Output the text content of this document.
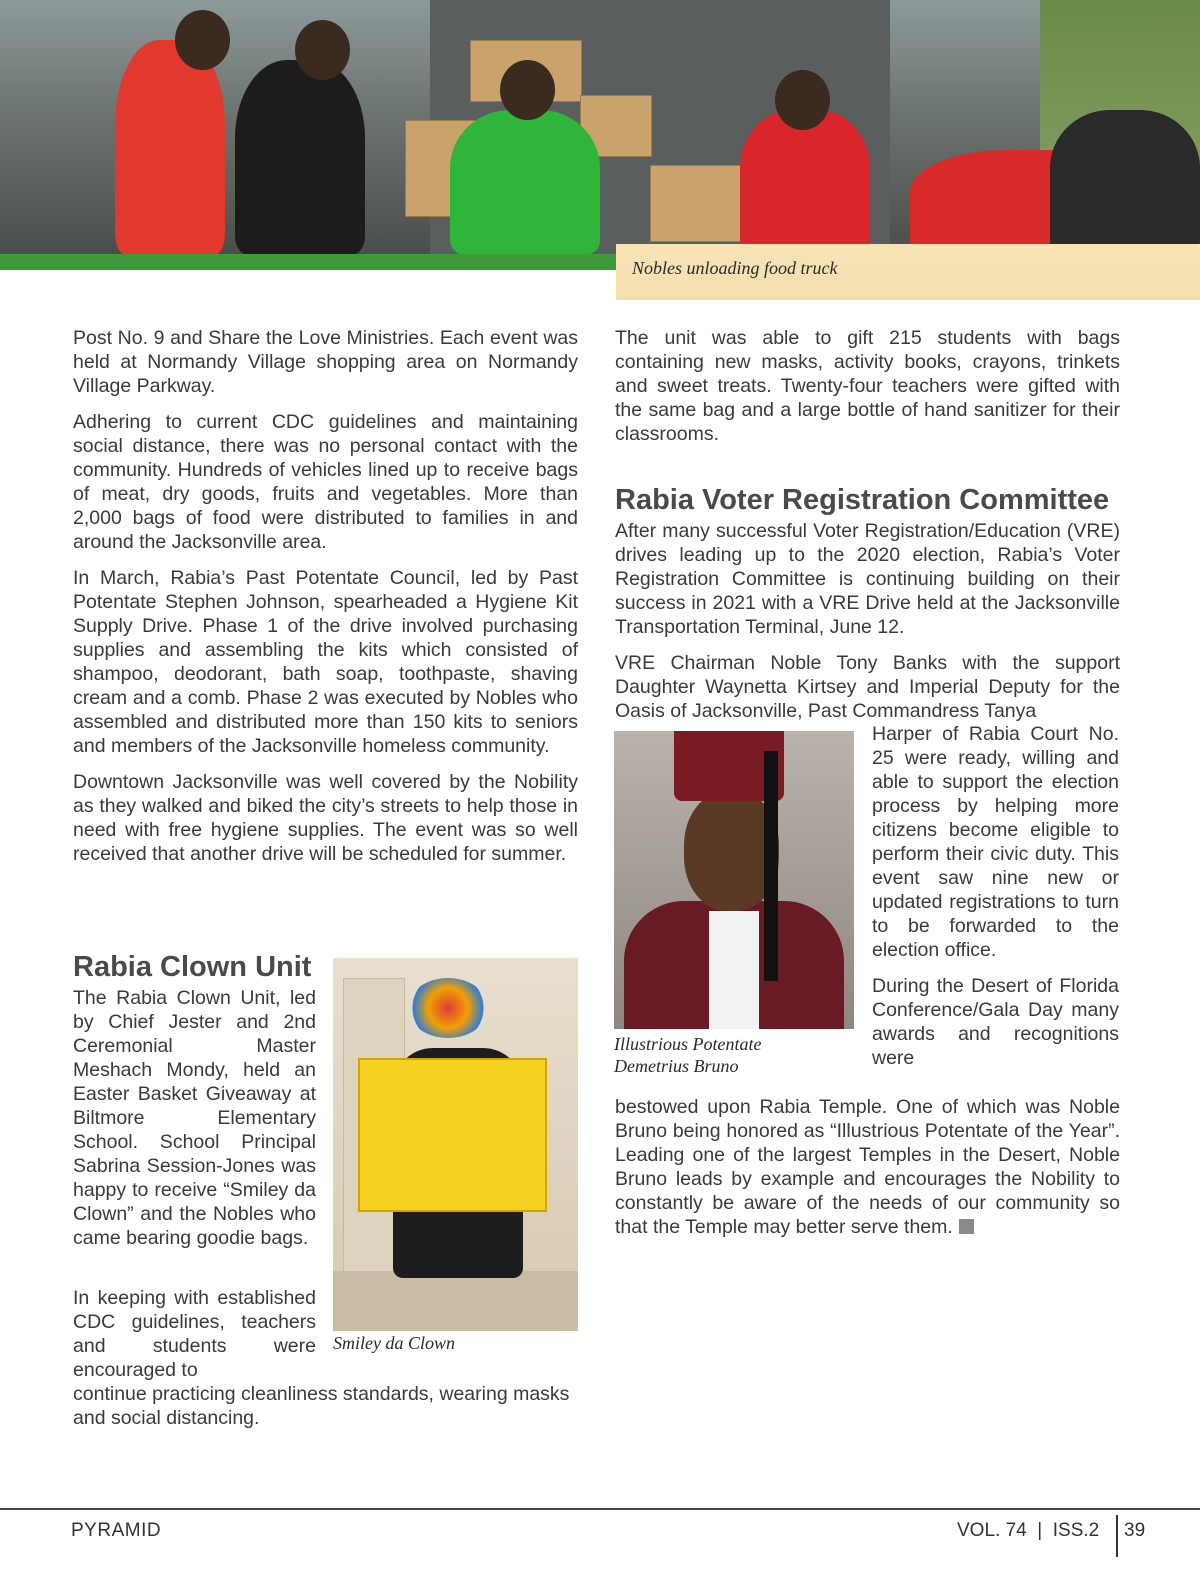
Nobles unloading food truck

Post No. 9 and Share the Love Ministries. Each event was held at Normandy Village shopping area on Normandy Village Parkway.

Adhering to current CDC guidelines and maintaining social distance, there was no personal contact with the community. Hundreds of vehicles lined up to receive bags of meat, dry goods, fruits and vegetables. More than 2,000 bags of food were distributed to families in and around the Jacksonville area.

In March, Rabia’s Past Potentate Council, led by Past Potentate Stephen Johnson, spearheaded a Hygiene Kit Supply Drive. Phase 1 of the drive involved purchasing supplies and assembling the kits which consisted of shampoo, deodorant, bath soap, toothpaste, shaving cream and a comb. Phase 2 was executed by Nobles who assembled and distributed more than 150 kits to seniors and members of the Jacksonville homeless community.

Downtown Jacksonville was well covered by the Nobility as they walked and biked the city’s streets to help those in need with free hygiene supplies. The event was so well received that another drive will be scheduled for summer.

Rabia Clown Unit

The Rabia Clown Unit, led by Chief Jester and 2nd Ceremonial Master Meshach Mondy, held an Easter Basket Giveaway at Biltmore Elementary School. School Principal Sabrina Session-Jones was happy to receive “Smiley da Clown” and the Nobles who came bearing goodie bags.

In keeping with established CDC guidelines, teachers and students were encouraged to
continue practicing cleanliness standards, wearing masks and social distancing.
Smiley da Clown

The unit was able to gift 215 students with bags containing new masks, activity books, crayons, trinkets and sweet treats. Twenty-four teachers were gifted with the same bag and a large bottle of hand sanitizer for their classrooms.

Rabia Voter Registration Committee

After many successful Voter Registration/Education (VRE) drives leading up to the 2020 election, Rabia’s Voter Registration Committee is continuing building on their success in 2021 with a VRE Drive held at the Jacksonville Transportation Terminal, June 12.

VRE Chairman Noble Tony Banks with the support Daughter Waynetta Kirtsey and Imperial Deputy for the Oasis of Jacksonville, Past Commandress Tanya

Illustrious Potentate
Demetrius Bruno

Harper of Rabia Court No. 25 were ready, willing and able to support the election process by helping more citizens become eligible to perform their civic duty. This event saw nine new or updated registrations to turn to be forwarded to the election office.

During the Desert of Florida Conference/Gala Day many awards and recognitions were

bestowed upon Rabia Temple. One of which was Noble Bruno being honored as “Illustrious Potentate of the Year”. Leading one of the largest Temples in the Desert, Noble Bruno leads by example and encourages the Nobility to constantly be aware of the needs of our community so that the Temple may better serve them.
PYRAMID	VOL. 74  |  ISS.2 39
